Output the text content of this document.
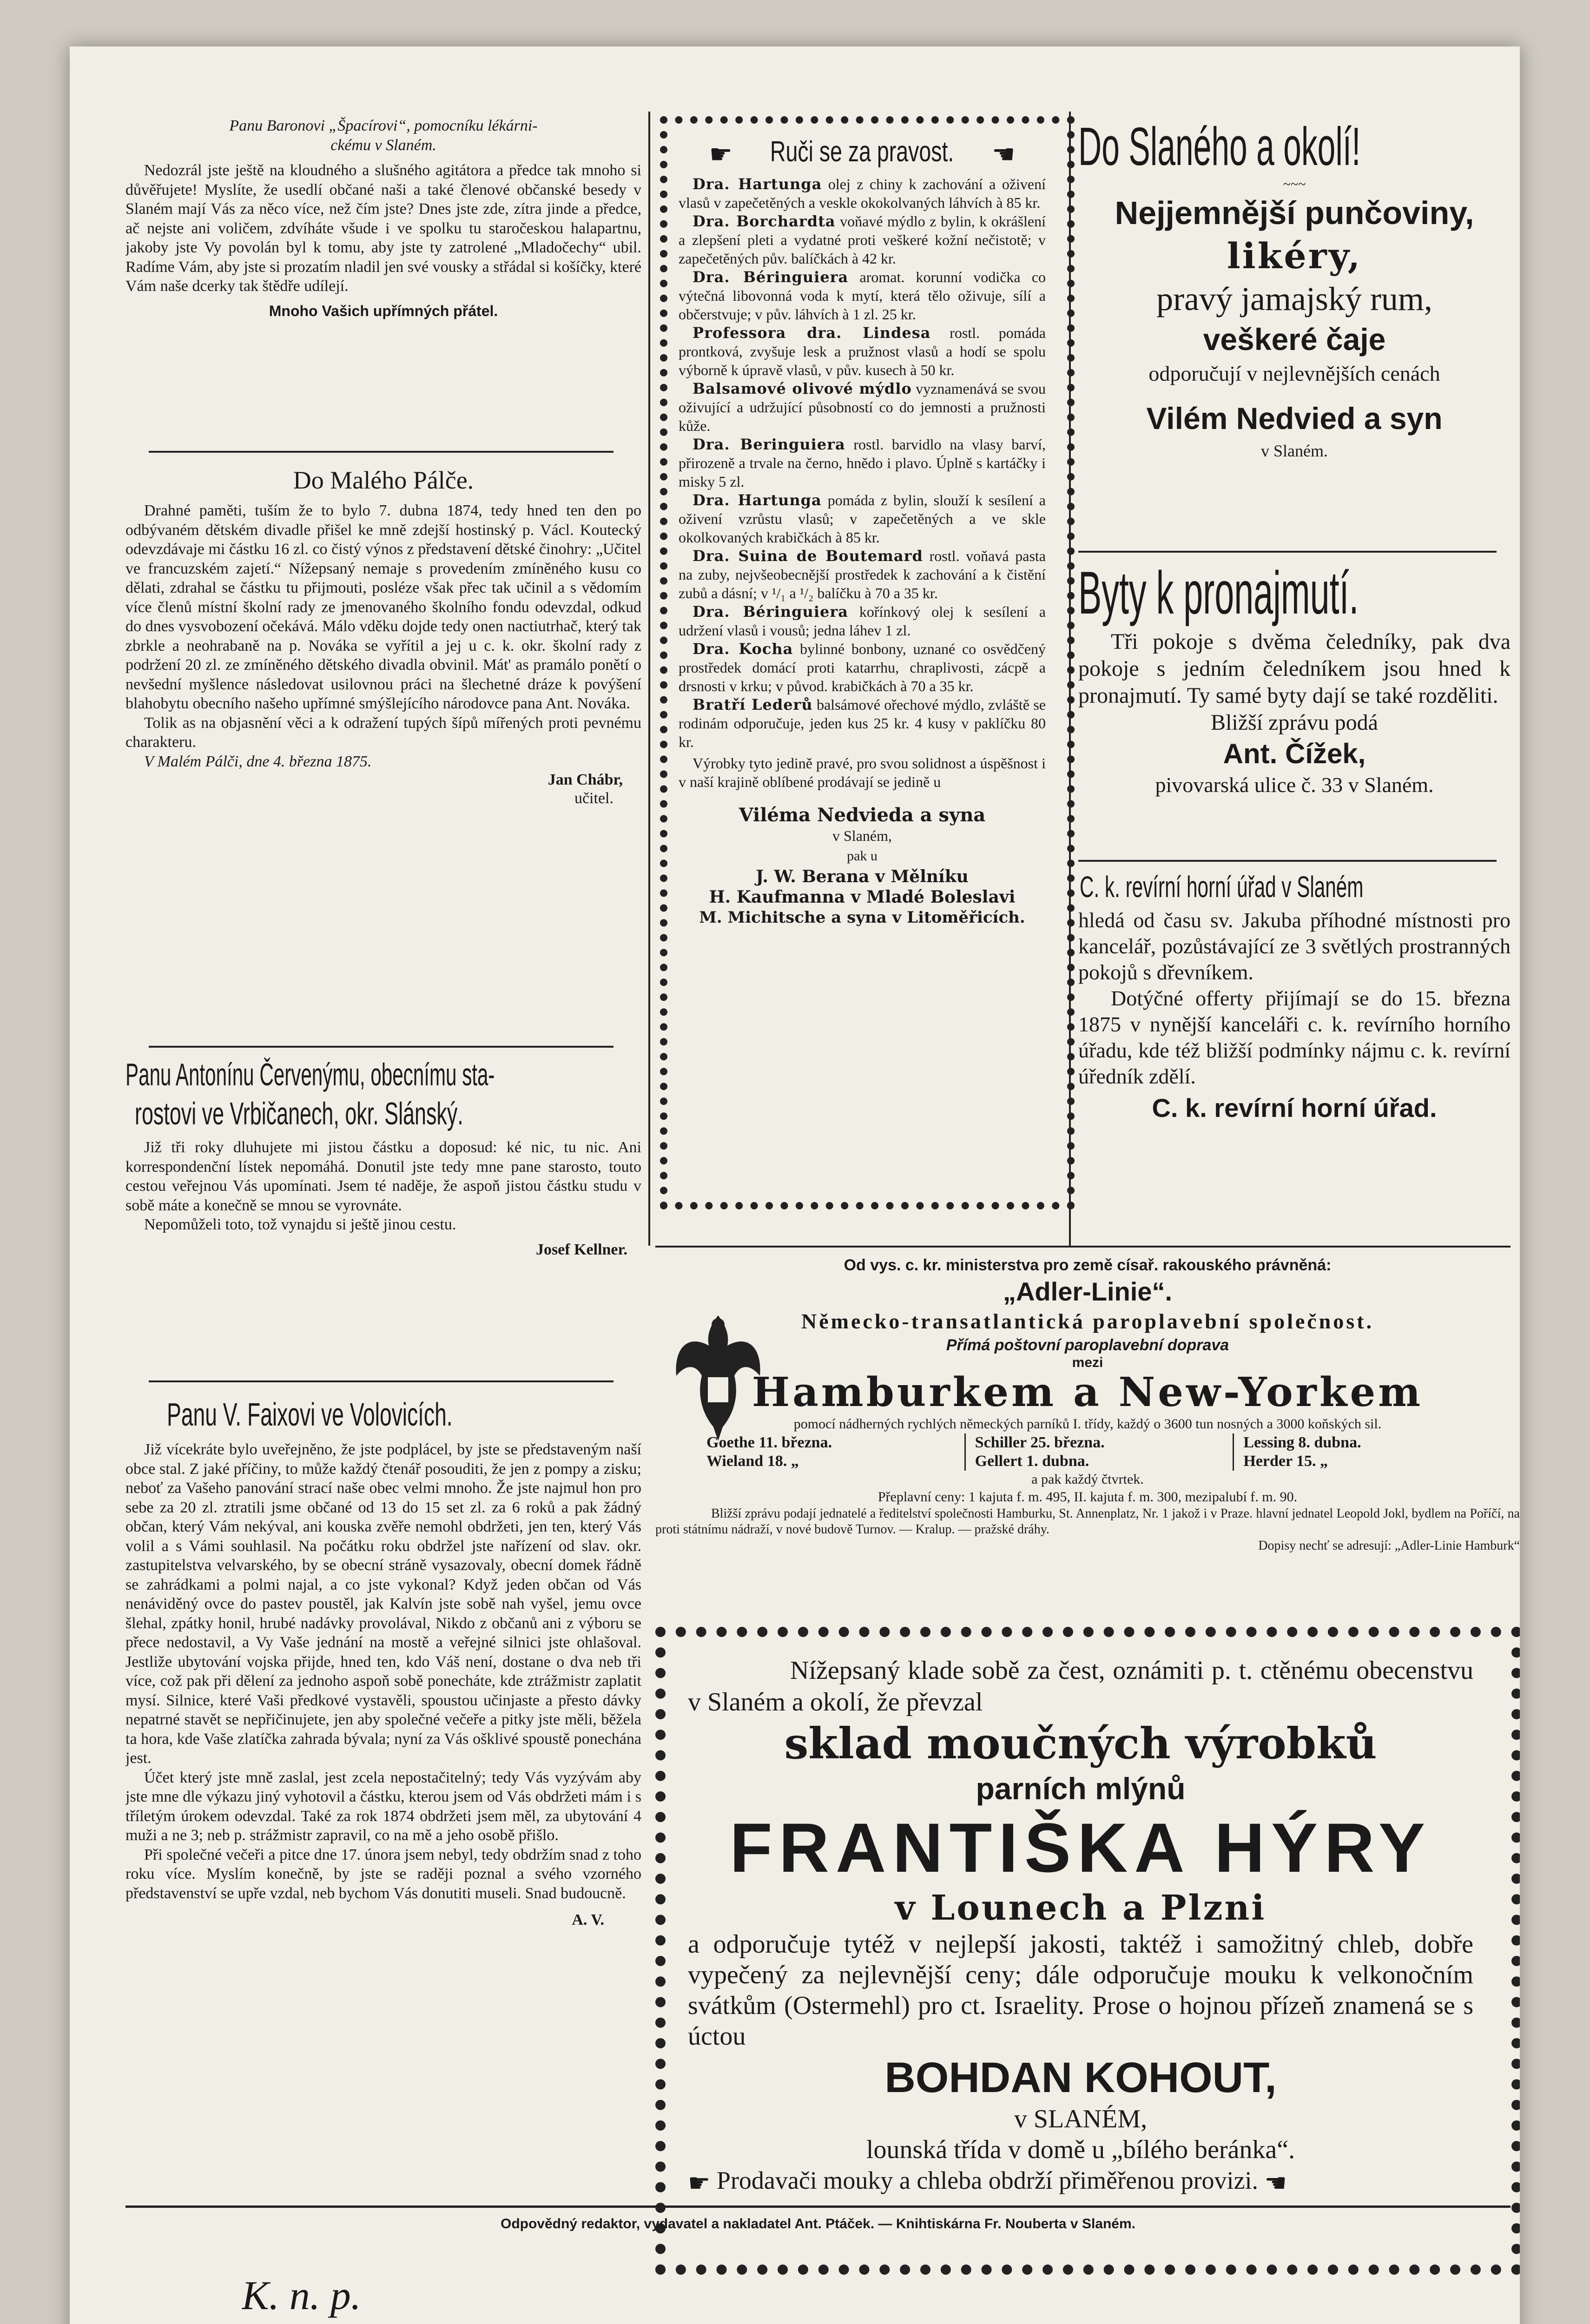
Panu Baronovi „Špacírovi“, pomocníku lékárni-

ckému v Slaném.

Nedozrál jste ještě na kloudného a slušného agitátora a předce tak mnoho si důvěřujete! Myslíte, že usedlí občané naši a také členové občanské besedy v Slaném mají Vás za něco více, než čím jste? Dnes jste zde, zítra jinde a předce, ač nejste ani voličem, zdvíháte všude i ve spolku tu staročeskou halapartnu, jakoby jste Vy povolán byl k tomu, aby jste ty zatrolené „Mladočechy“ ubil. Radíme Vám, aby jste si prozatím nladil jen své vousky a střádal si košíčky, které Vám naše dcerky tak štědře udílejí.

Mnoho Vašich upřímných přátel.

Do Malého Pálče.

Drahné paměti, tuším že to bylo 7. dubna 1874, tedy hned ten den po odbývaném dětském divadle přišel ke mně zdejší hostinský p. Václ. Koutecký odevzdávaje mi částku 16 zl. co čistý výnos z představení dětské činohry: „Učitel ve francuzském zajetí.“ Nížepsaný nemaje s provedením zmíněného kusu co dělati, zdrahal se částku tu přijmouti, posléze však přec tak učinil a s vědomím více členů místní školní rady ze jmenovaného školního fondu odevzdal, odkud do dnes vysvobození očekává. Málo vděku dojde tedy onen nactiutrhač, který tak zbrkle a neohrabaně na p. Nováka se vyřítil a jej u c. k. okr. školní rady z podržení 20 zl. ze zmíněného dětského divadla obvinil. Mát' as pramálo ponětí o nevšední myšlence následovat usilovnou práci na šlechetné dráze k povýšení blahobytu obecního našeho upřímné smýšlejícího národovce pana Ant. Nováka.

Tolik as na objasnění věci a k odražení tupých šípů mířených proti pevnému charakteru.

V Malém Pálči, dne 4. března 1875.

Jan Chábr,

učitel.

Panu Antonínu Červenýmu, obecnímu sta-

rostovi ve Vrbičanech, okr. Slánský.

Již tři roky dluhujete mi jistou částku a doposud: ké nic, tu nic. Ani korrespondenční lístek nepomáhá. Donutil jste tedy mne pane starosto, touto cestou veřejnou Vás upomínati. Jsem té naděje, že aspoň jistou částku studu v sobě máte a konečně se mnou se vyrovnáte.

Nepomůželi toto, tož vynajdu si ještě jinou cestu.

Josef Kellner.

Panu V. Faixovi ve Volovicích.

Již vícekráte bylo uveřejněno, že jste podplácel, by jste se představeným naší obce stal. Z jaké příčiny, to může každý čtenář posouditi, že jen z pompy a zisku; neboť za Vašeho panování strací naše obec velmi mnoho. Že jste najmul hon pro sebe za 20 zl. ztratili jsme občané od 13 do 15 set zl. za 6 roků a pak žádný občan, který Vám nekýval, ani kouska zvěře nemohl obdržeti, jen ten, který Vás volil a s Vámi souhlasil. Na počátku roku obdržel jste nařízení od slav. okr. zastupitelstva velvarského, by se obecní stráně vysazovaly, obecní domek řádně se zahrádkami a polmi najal, a co jste vykonal? Když jeden občan od Vás nenáviděný ovce do pastev poustěl, jak Kalvín jste sobě nah vyšel, jemu ovce šlehal, zpátky honil, hrubé nadávky provolával, Nikdo z občanů ani z výboru se přece nedostavil, a Vy Vaše jednání na mostě a veřejné silnici jste ohlašoval. Jestliže ubytování vojska přijde, hned ten, kdo Váš není, dostane o dva neb tři více, což pak při dělení za jednoho aspoň sobě ponecháte, kde ztrážmistr zaplatit mysí. Silnice, které Vaši předkové vystavěli, spoustou učinjaste a přesto dávky nepatrné stavět se nepřičinujete, jen aby společné večeře a pitky jste měli, běžela ta hora, kde Vaše zlatíčka zahrada bývala; nyní za Vás ošklivé spoustě ponechána jest.

Účet který jste mně zaslal, jest zcela nepostačitelný; tedy Vás vyzývám aby jste mne dle výkazu jiný vyhotovil a částku, kterou jsem od Vás obdržeti mám i s tříletým úrokem odevzdal. Také za rok 1874 obdržeti jsem měl, za ubytování 4 muži a ne 3; neb p. strážmistr zapravil, co na mě a jeho osobě přišlo.

Při společné večeři a pitce dne 17. února jsem nebyl, tedy obdržím snad z toho roku více. Myslím konečně, by jste se raději poznal a svého vzorného představenství se upře vzdal, neb bychom Vás donutiti museli. Snad budoucně.

A. V.

☛ Ruči se za pravost. ☚

Dra. Hartunga olej z chiny k zachování a oživení vlasů v zapečetěných a veskle okokolvaných láhvích à 85 kr.

Dra. Borchardta voňavé mýdlo z bylin, k okrášlení a zlepšení pleti a vydatné proti veškeré kožní nečistotě; v zapečetěných pův. balíčkách à 42 kr.

Dra. Béringuiera aromat. korunní vodička co výtečná libovonná voda k mytí, která tělo oživuje, sílí a občerstvuje; v pův. láhvích à 1 zl. 25 kr.

Professora dra. Lindesa rostl. pomáda prontková, zvyšuje lesk a pružnost vlasů a hodí se spolu výborně k úpravě vlasů, v pův. kusech à 50 kr.

Balsamové olivové mýdlo vyznamenává se svou oživující a udržující působností co do jemnosti a pružnosti kůže.

Dra. Beringuiera rostl. barvidlo na vlasy barví, přirozeně a trvale na černo, hnědo i plavo. Úplně s kartáčky i misky 5 zl.

Dra. Hartunga pomáda z bylin, slouží k sesílení a oživení vzrůstu vlasů; v zapečetěných a ve skle okolkovaných krabičkách à 85 kr.

Dra. Suina de Boutemard rostl. voňavá pasta na zuby, nejvšeobecnější prostředek k zachování a k čistění zubů a dásní; v ¹/₁ a ¹/₂ balíčku à 70 a 35 kr.

Dra. Béringuiera kořínkový olej k sesílení a udržení vlasů i vousů; jedna láhev 1 zl.

Dra. Kocha bylinné bonbony, uznané co osvědčený prostředek domácí proti katarrhu, chraplivosti, zácpě a drsnosti v krku; v původ. krabičkách à 70 a 35 kr.

Bratří Lederů balsámové ořechové mýdlo, zvláště se rodinám odporučuje, jeden kus 25 kr. 4 kusy v paklíčku 80 kr.

Výrobky tyto jedině pravé, pro svou solidnost a úspěšnost i v naší krajině oblíbené prodávají se jedině u

Viléma Nedvieda a syna

v Slaném,

pak u

J. W. Berana v Mělníku

H. Kaufmanna v Mladé Boleslavi

M. Michitsche a syna v Litoměřicích.

Do Slaného a okolí!

~~~

Nejjemnější punčoviny,

likéry,

pravý jamajský rum,

veškeré čaje

odporučují v nejlevnějších cenách

Vilém Nedvied a syn

v Slaném.

Byty k pronajmutí.

Tři pokoje s dvěma čeledníky, pak dva pokoje s jedním čeledníkem jsou hned k pronajmutí. Ty samé byty dají se také rozděliti.

Bližší zprávu podá

Ant. Čížek,

pivovarská ulice č. 33 v Slaném.

C. k. revírní horní úřad v Slaném

hledá od času sv. Jakuba příhodné místnosti pro kancelář, pozůstávající ze 3 světlých prostranných pokojů s dřevníkem.

Dotýčné offerty přijímají se do 15. března 1875 v nynější kanceláři c. k. revírního horního úřadu, kde též bližší podmínky nájmu c. k. revírní úředník zdělí.

C. k. revírní horní úřad.

Od vys. c. kr. ministerstva pro země císař. rakouského právněná:

„Adler-Linie“.

Německo-transatlantická paroplavební společnost.

Přímá poštovní paroplavební doprava

mezi

Hamburkem a New-Yorkem

pomocí nádherných rychlých německých parníků I. třídy, každý o 3600 tun nosných a 3000 koňských sil.

Goethe 11. března.	Schiller 25. března.	Lessing 8. dubna.
Wieland 18. „	Gellert 1. dubna.	Herder 15. „

a pak každý čtvrtek.

Přeplavní ceny: 1 kajuta f. m. 495, II. kajuta f. m. 300, mezipalubí f. m. 90.

Bližší zprávu podají jednatelé a ředitelství společnosti Hamburku, St. Annenplatz, Nr. 1 jakož i v Praze. hlavní jednatel Leopold Jokl, bydlem na Poříčí, na proti státnímu nádraží, v nové budově Turnov. — Kralup. — pražské dráhy.

Dopisy nechť se adresují: „Adler-Linie Hamburk“

Nížepsaný klade sobě za čest, oznámiti p. t. ctěnému obecenstvu v Slaném a okolí, že převzal

sklad moučných výrobků

parních mlýnů

FRANTIŠKA HÝRY

v Lounech a Plzni

a odporučuje tytéž v nejlepší jakosti, taktéž i samožitný chleb, dobře vypečený za nejlevnější ceny; dále odporučuje mouku k velkonočním svátkům (Ostermehl) pro ct. Israelity. Prose o hojnou přízeň znamená se s úctou

BOHDAN KOHOUT,

v SLANÉM,

lounská třída v domě u „bílého beránka“.

☛ Prodavači mouky a chleba obdrží přiměřenou provizi. ☚

Odpovědný redaktor, vydavatel a nakladatel Ant. Ptáček. — Knihtiskárna Fr. Nouberta v Slaném.

K. n. p.
